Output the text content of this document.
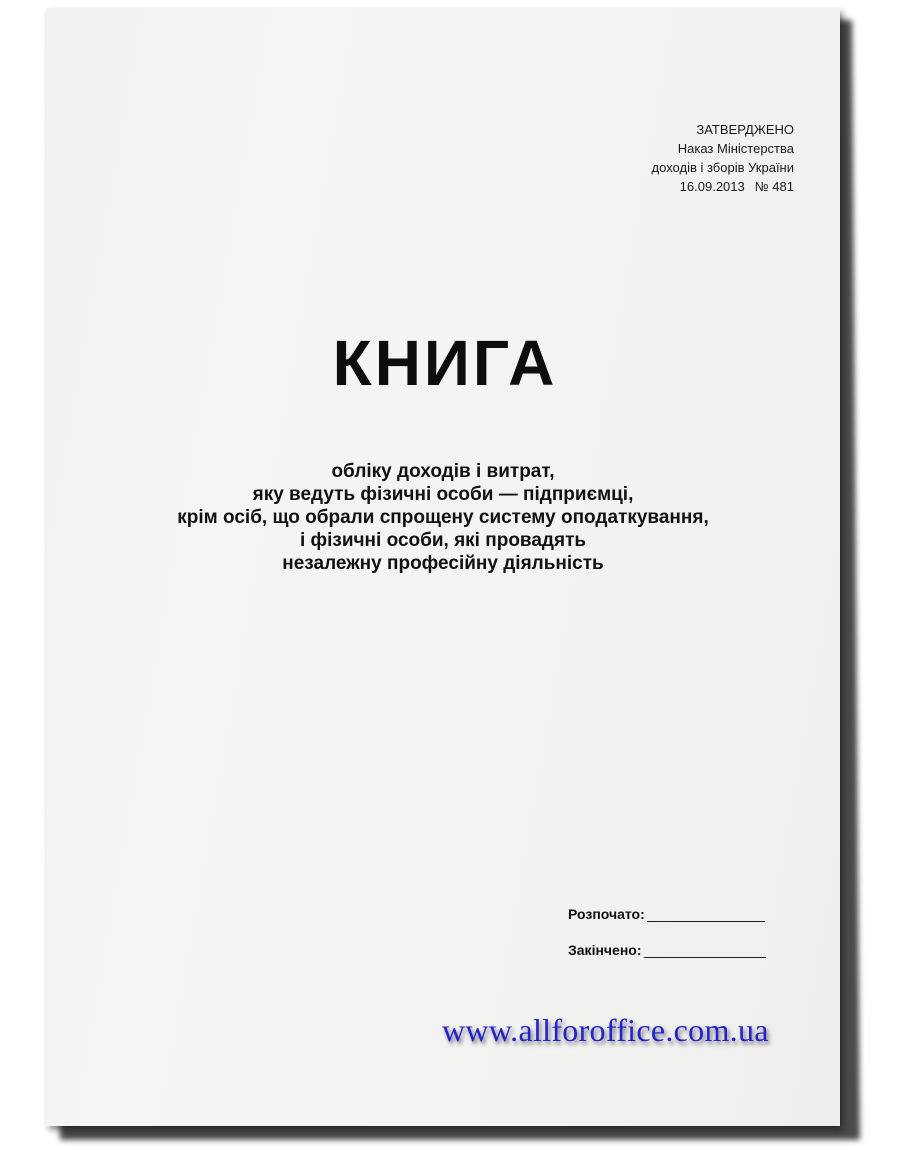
ЗАТВЕРДЖЕНО
Наказ Міністерства
доходів і зборів України
16.09.2013 № 481
КНИГА
обліку доходів і витрат,
яку ведуть фізичні особи — підприємці,
крім осіб, що обрали спрощену систему оподаткування,
і фізичні особи, які провадять
незалежну професійну діяльність
Розпочато:
Закінчено:
www.allforoffice.com.ua
